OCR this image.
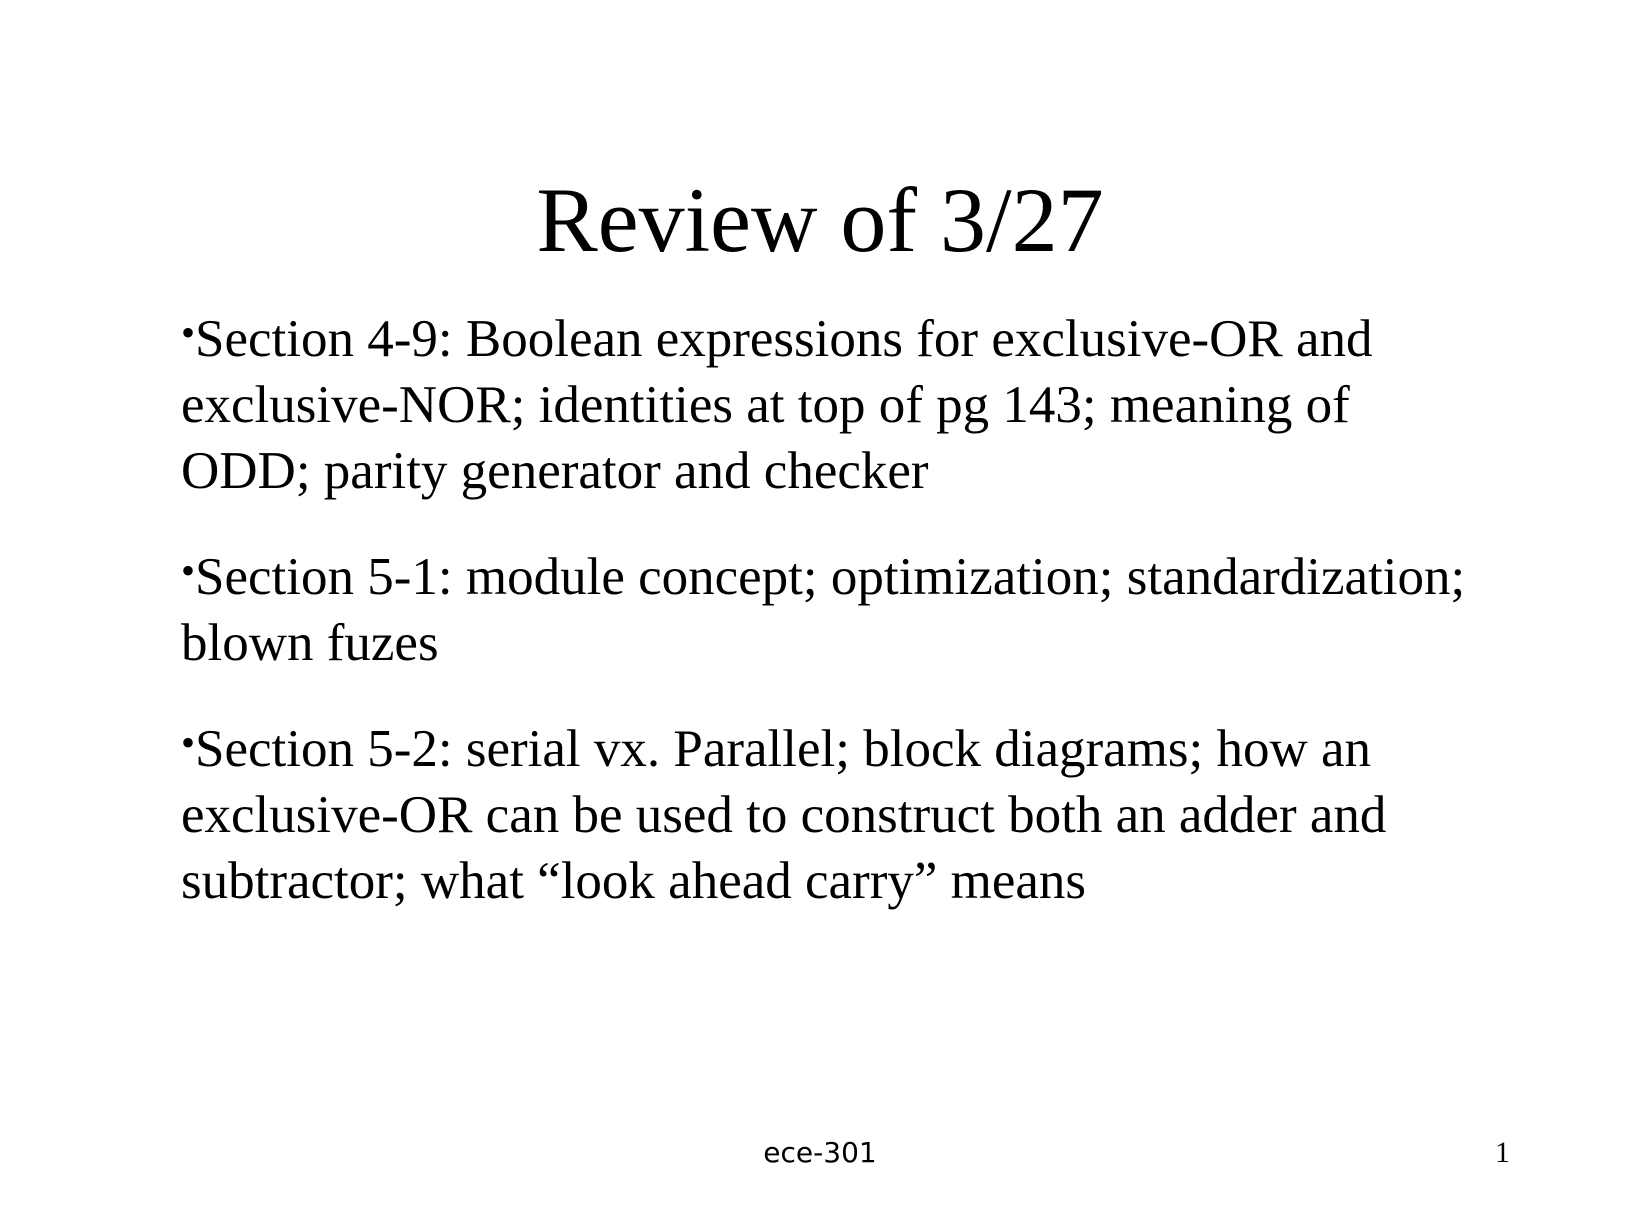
Review of 3/27
•Section 4-9: Boolean expressions for exclusive-OR and exclusive-NOR; identities at top of pg 143; meaning of ODD; parity generator and checker
•Section 5-1: module concept; optimization; standardization; blown fuzes
•Section 5-2: serial vx. Parallel; block diagrams; how an exclusive-OR can be used to construct both an adder and subtractor; what “look ahead carry” means
ece-301	1
